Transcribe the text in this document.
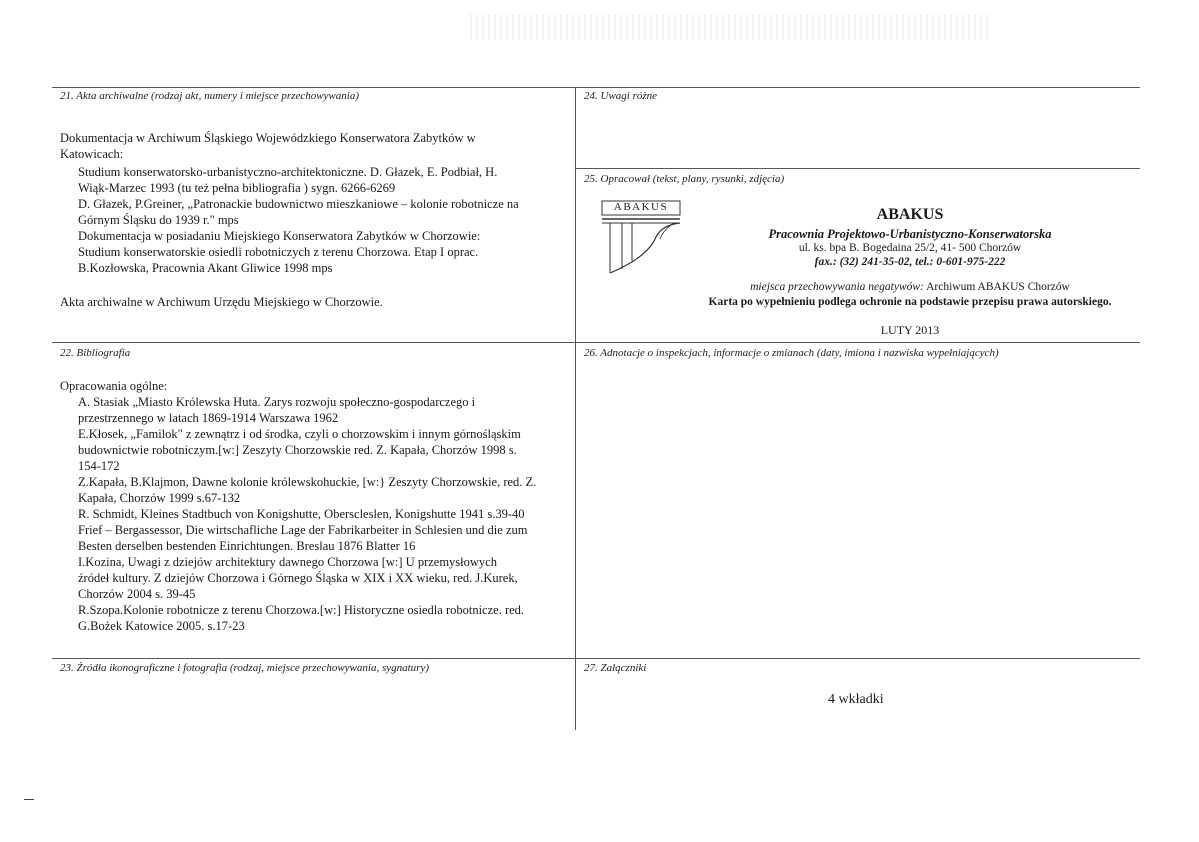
21. Akta archiwalne (rodzaj akt, numery i miejsce przechowywania)
Dokumentacja w Archiwum Śląskiego Wojewódzkiego Konserwatora Zabytków w
Katowicach:
Studium konserwatorsko-urbanistyczno-architektoniczne. D. Głazek, E. Podbiał, H.
Wiąk-Marzec 1993 (tu też pełna bibliografia ) sygn. 6266-6269
D. Głazek, P.Greiner, „Patronackie budownictwo mieszkaniowe – kolonie robotnicze na
Górnym Śląsku do 1939 r." mps
Dokumentacja w posiadaniu Miejskiego Konserwatora Zabytków w Chorzowie:
Studium konserwatorskie osiedli robotniczych z terenu Chorzowa. Etap I oprac.
B.Kozłowska, Pracownia Akant Gliwice 1998 mps
Akta archiwalne w Archiwum Urzędu Miejskiego w Chorzowie.
24. Uwagi różne
25. Opracował (tekst, plany, rysunki, zdjęcia)
ABAKUS	ABAKUS
Pracownia Projektowo-Urbanistyczno-Konserwatorska
ul. ks. bpa B. Bogedaina 25/2, 41- 500 Chorzów
fax.: (32) 241-35-02, tel.: 0-601-975-222
miejsca przechowywania negatywów: Archiwum ABAKUS Chorzów
Karta po wypełnieniu podlega ochronie na podstawie przepisu prawa autorskiego.
LUTY 2013
22. Bibliografia
Opracowania ogólne:
A. Stasiak „Miasto Królewska Huta. Zarys rozwoju społeczno-gospodarczego i
przestrzennego w latach 1869-1914 Warszawa 1962
E.Kłosek, „Familok" z zewnątrz i od środka, czyli o chorzowskim i innym górnośląskim
budownictwie robotniczym.[w:] Zeszyty Chorzowskie red. Z. Kapała, Chorzów 1998 s.
154-172
Z.Kapała, B.Klajmon, Dawne kolonie królewskohuckie, [w:} Zeszyty Chorzowskie, red. Z.
Kapała, Chorzów 1999 s.67-132
R. Schmidt, Kleines Stadtbuch von Konigshutte, Oberscleslen, Konigshutte 1941 s.39-40
Frief – Bergassessor, Die wirtschafliche Lage der Fabrikarbeiter in Schlesien und die zum
Besten derselben bestenden Einrichtungen. Breslau 1876 Blatter 16
I.Kozina, Uwagi z dziejów architektury dawnego Chorzowa [w:] U przemysłowych
źródeł kultury. Z dziejów Chorzowa i Górnego Śląska w XIX i XX wieku, red. J.Kurek,
Chorzów 2004 s. 39-45
R.Szopa.Kolonie robotnicze z terenu Chorzowa.[w:] Historyczne osiedla robotnicze. red.
G.Bożek Katowice 2005. s.17-23
26. Adnotacje o inspekcjach, informacje o zmianach (daty, imiona i nazwiska wypełniających)
23. Źródła ikonograficzne i fotografia (rodzaj, miejsce przechowywania, sygnatury)	27. Załączniki
4 wkładki
